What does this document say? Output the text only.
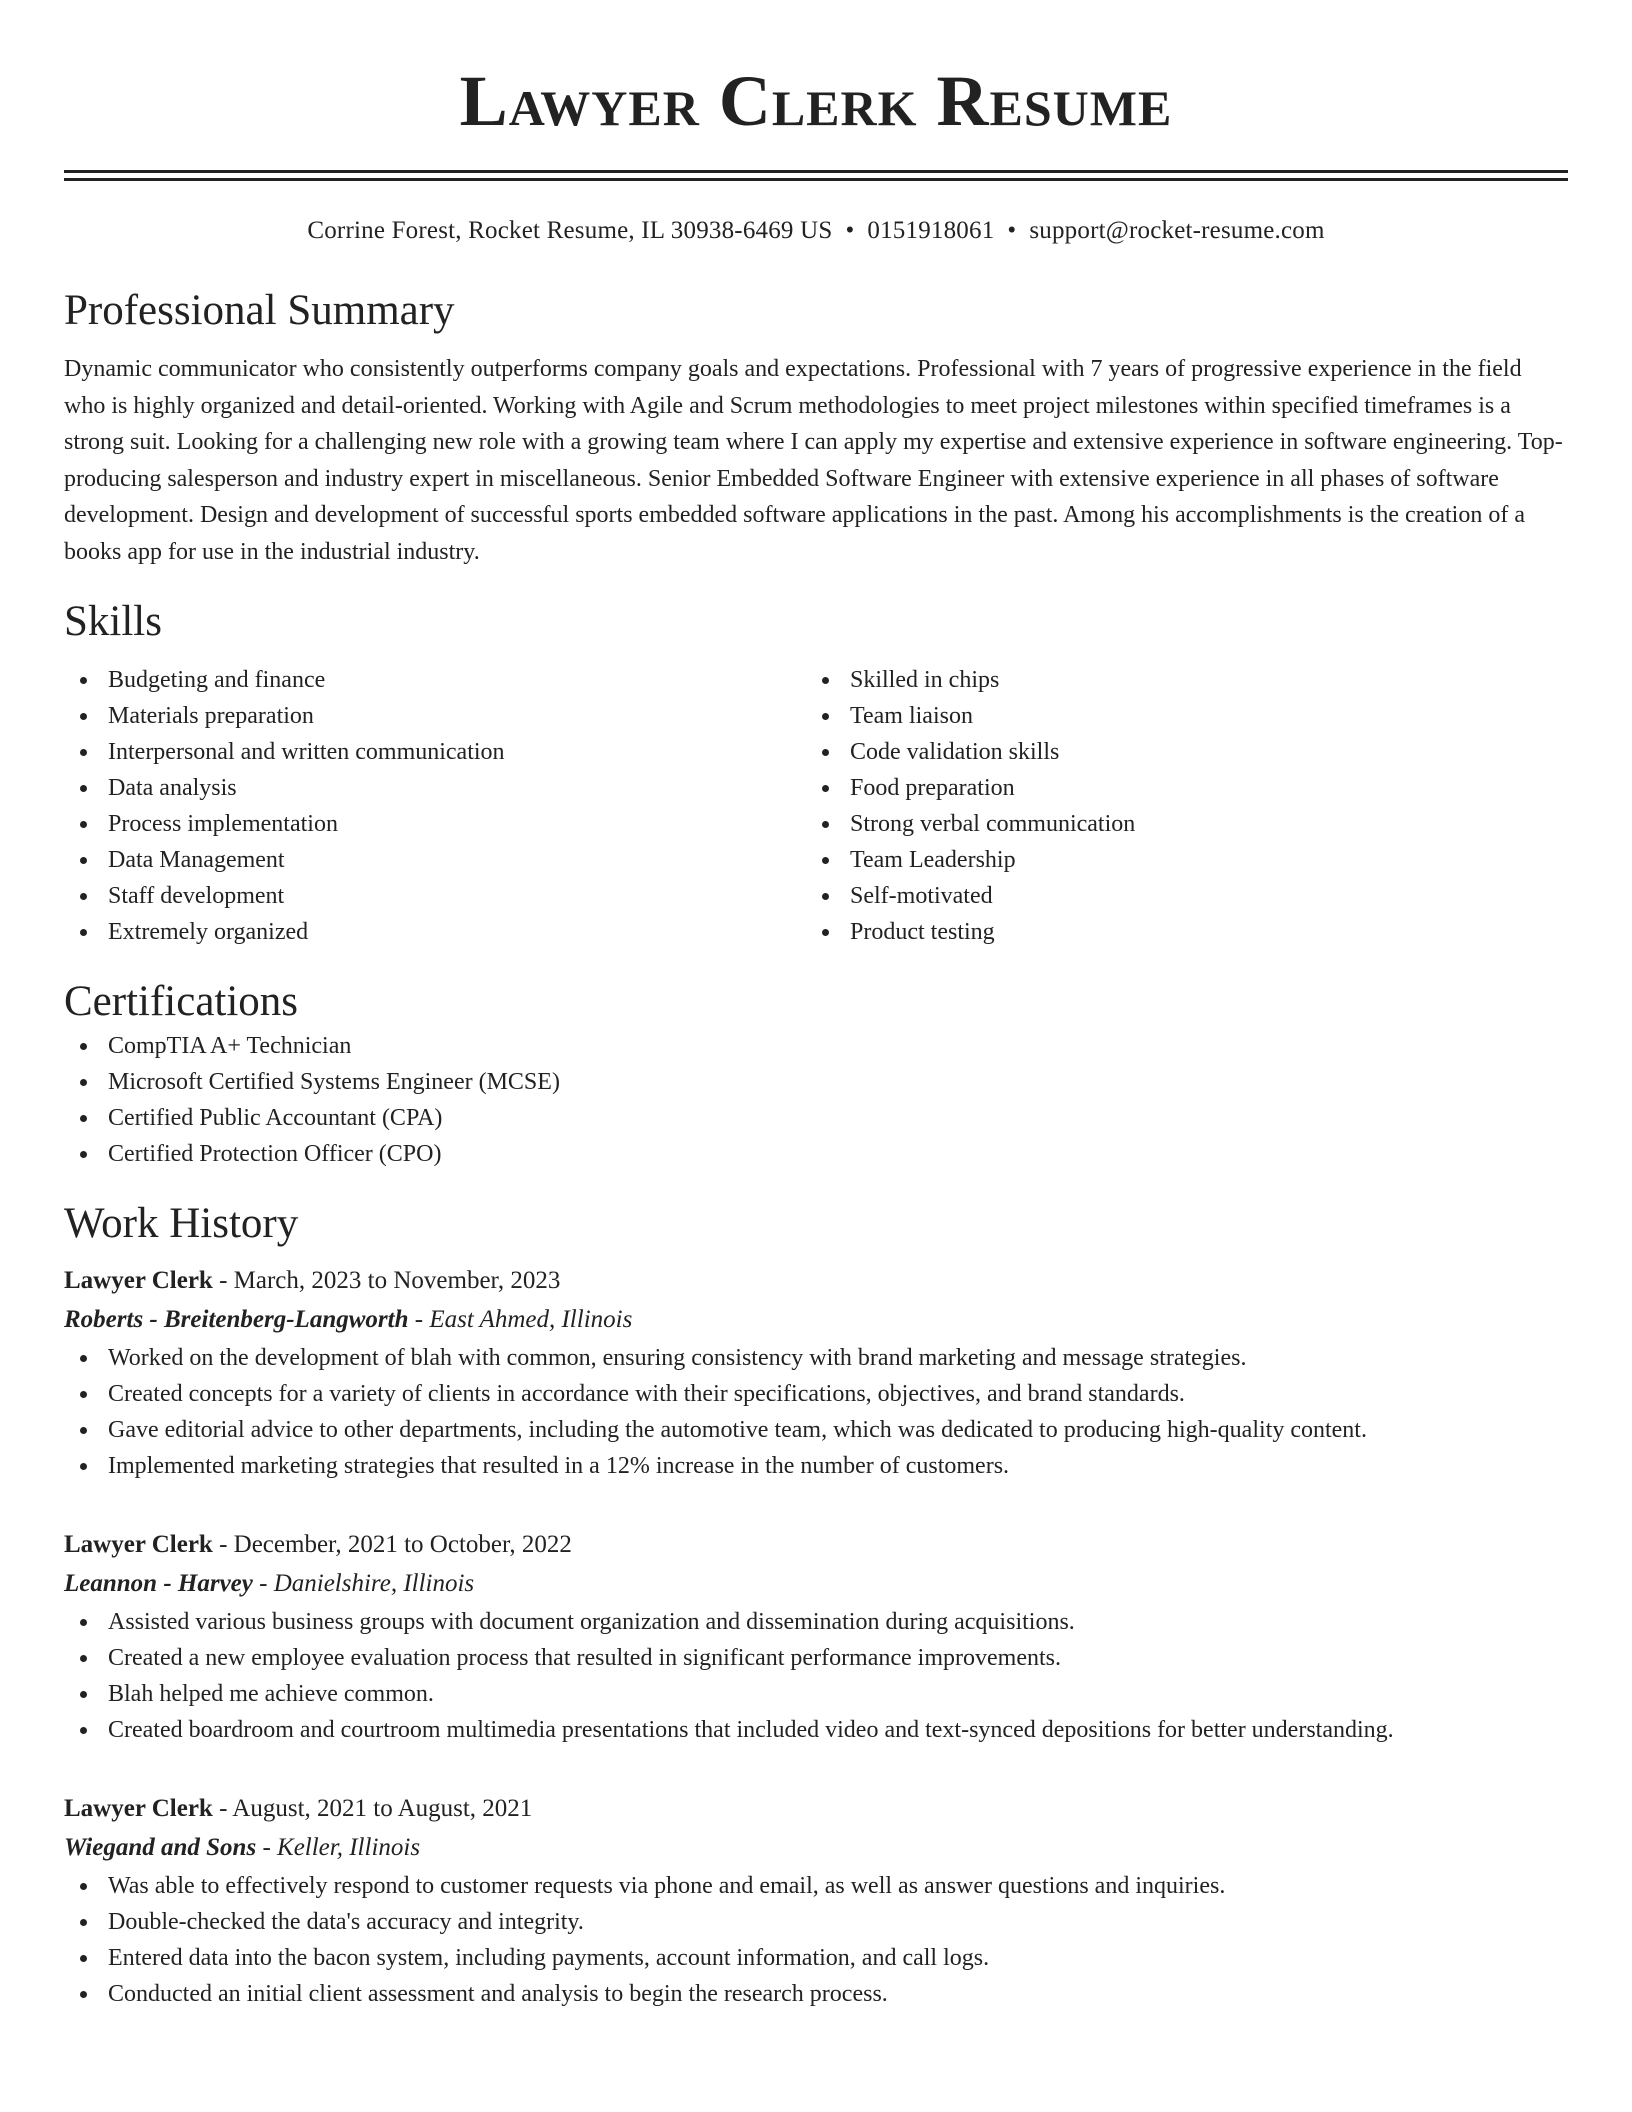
Lawyer Clerk Resume
Corrine Forest, Rocket Resume, IL 30938-6469 US • 0151918061 • support@rocket-resume.com
Professional Summary

Dynamic communicator who consistently outperforms company goals and expectations. Professional with 7 years of progressive experience in the field who is highly organized and detail-oriented. Working with Agile and Scrum methodologies to meet project milestones within specified timeframes is a strong suit. Looking for a challenging new role with a growing team where I can apply my expertise and extensive experience in software engineering. Top-producing salesperson and industry expert in miscellaneous. Senior Embedded Software Engineer with extensive experience in all phases of software development. Design and development of successful sports embedded software applications in the past. Among his accomplishments is the creation of a books app for use in the industrial industry.

Skills
Budgeting and finance
Materials preparation
Interpersonal and written communication
Data analysis
Process implementation
Data Management
Staff development
Extremely organized
Skilled in chips
Team liaison
Code validation skills
Food preparation
Strong verbal communication
Team Leadership
Self-motivated
Product testing
Certifications
CompTIA A+ Technician
Microsoft Certified Systems Engineer (MCSE)
Certified Public Accountant (CPA)
Certified Protection Officer (CPO)
Work History
Lawyer Clerk - March, 2023 to November, 2023
Roberts - Breitenberg-Langworth - East Ahmed, Illinois
Worked on the development of blah with common, ensuring consistency with brand marketing and message strategies.
Created concepts for a variety of clients in accordance with their specifications, objectives, and brand standards.
Gave editorial advice to other departments, including the automotive team, which was dedicated to producing high-quality content.
Implemented marketing strategies that resulted in a 12% increase in the number of customers.
Lawyer Clerk - December, 2021 to October, 2022
Leannon - Harvey - Danielshire, Illinois
Assisted various business groups with document organization and dissemination during acquisitions.
Created a new employee evaluation process that resulted in significant performance improvements.
Blah helped me achieve common.
Created boardroom and courtroom multimedia presentations that included video and text-synced depositions for better understanding.
Lawyer Clerk - August, 2021 to August, 2021
Wiegand and Sons - Keller, Illinois
Was able to effectively respond to customer requests via phone and email, as well as answer questions and inquiries.
Double-checked the data's accuracy and integrity.
Entered data into the bacon system, including payments, account information, and call logs.
Conducted an initial client assessment and analysis to begin the research process.
